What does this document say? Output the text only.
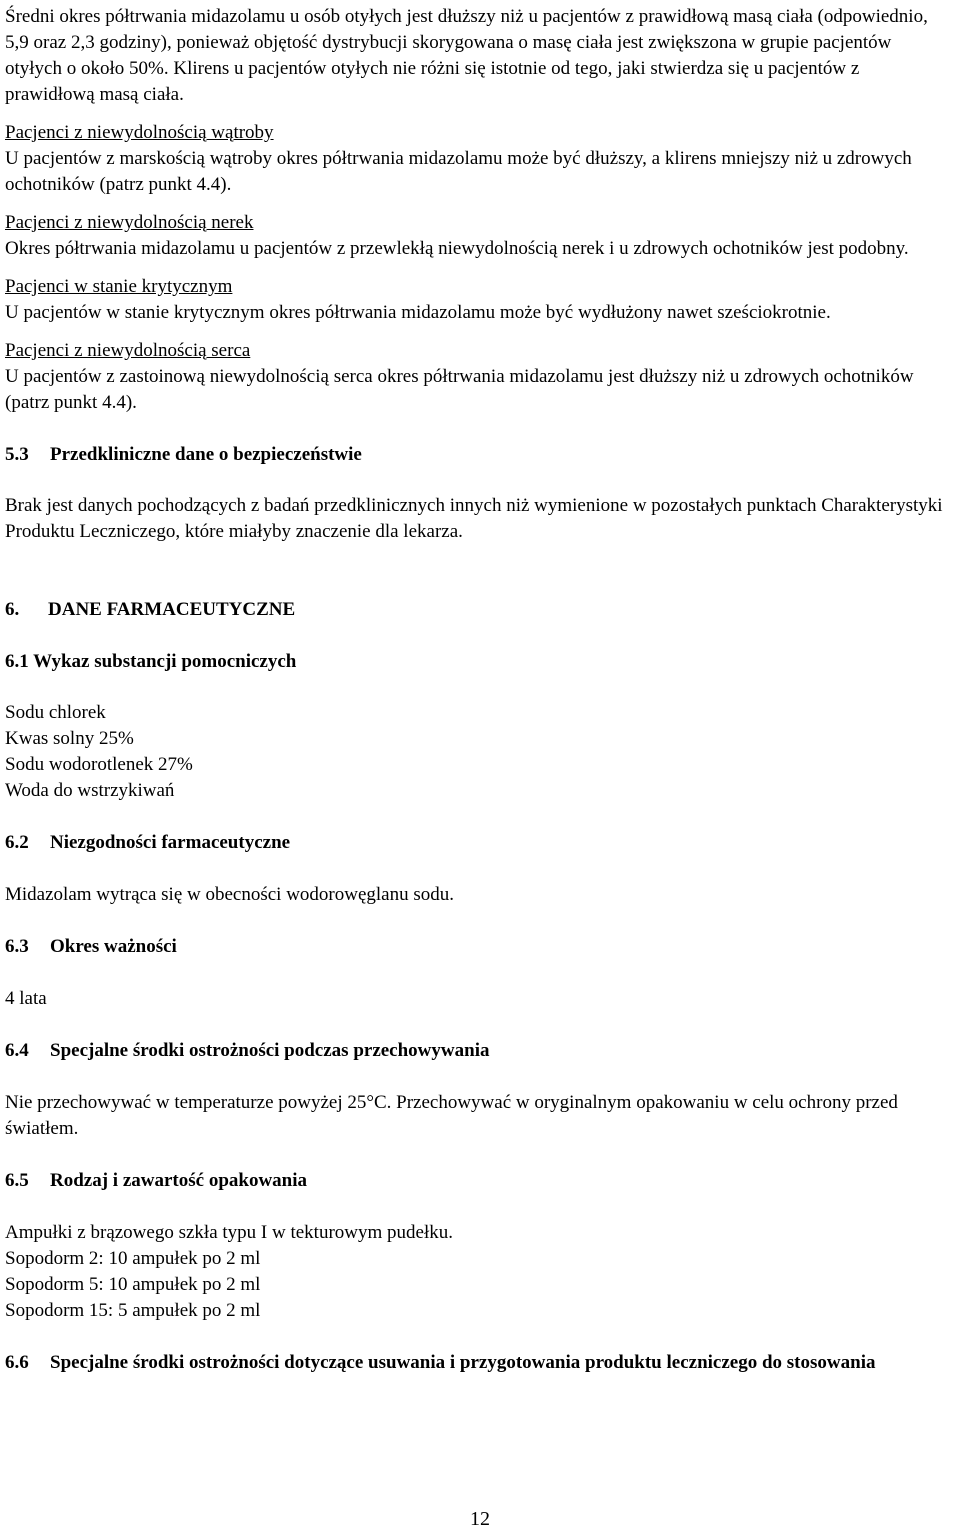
Średni okres półtrwania midazolamu u osób otyłych jest dłuższy niż u pacjentów z prawidłową masą ciała (odpowiednio, 5,9 oraz 2,3 godziny), ponieważ objętość dystrybucji skorygowana o masę ciała jest zwiększona w grupie pacjentów otyłych o około 50%. Klirens u pacjentów otyłych nie różni się istotnie od tego, jaki stwierdza się u pacjentów z prawidłową masą ciała.

Pacjenci z niewydolnością wątroby

U pacjentów z marskością wątroby okres półtrwania midazolamu może być dłuższy, a klirens mniejszy niż u zdrowych ochotników (patrz punkt 4.4).

Pacjenci z niewydolnością nerek

Okres półtrwania midazolamu u pacjentów z przewlekłą niewydolnością nerek i u zdrowych ochotników jest podobny.

Pacjenci w stanie krytycznym

U pacjentów w stanie krytycznym okres półtrwania midazolamu może być wydłużony nawet sześciokrotnie.

Pacjenci z niewydolnością serca

U pacjentów z zastoinową niewydolnością serca okres półtrwania midazolamu jest dłuższy niż u zdrowych ochotników (patrz punkt 4.4).

5.3 Przedkliniczne dane o bezpieczeństwie

Brak jest danych pochodzących z badań przedklinicznych innych niż wymienione w pozostałych punktach Charakterystyki Produktu Leczniczego, które miałyby znaczenie dla lekarza.

6. DANE FARMACEUTYCZNE

6.1 Wykaz substancji pomocniczych

Sodu chlorek
Kwas solny 25%
Sodu wodorotlenek 27%
Woda do wstrzykiwań

6.2 Niezgodności farmaceutyczne

Midazolam wytrąca się w obecności wodorowęglanu sodu.

6.3 Okres ważności

4 lata

6.4 Specjalne środki ostrożności podczas przechowywania

Nie przechowywać w temperaturze powyżej 25°C. Przechowywać w oryginalnym opakowaniu w celu ochrony przed światłem.

6.5 Rodzaj i zawartość opakowania

Ampułki z brązowego szkła typu I w tekturowym pudełku.
Sopodorm 2: 10 ampułek po 2 ml
Sopodorm 5: 10 ampułek po 2 ml
Sopodorm 15: 5 ampułek po 2 ml

6.6 Specjalne środki ostrożności dotyczące usuwania i przygotowania produktu leczniczego do stosowania

12
